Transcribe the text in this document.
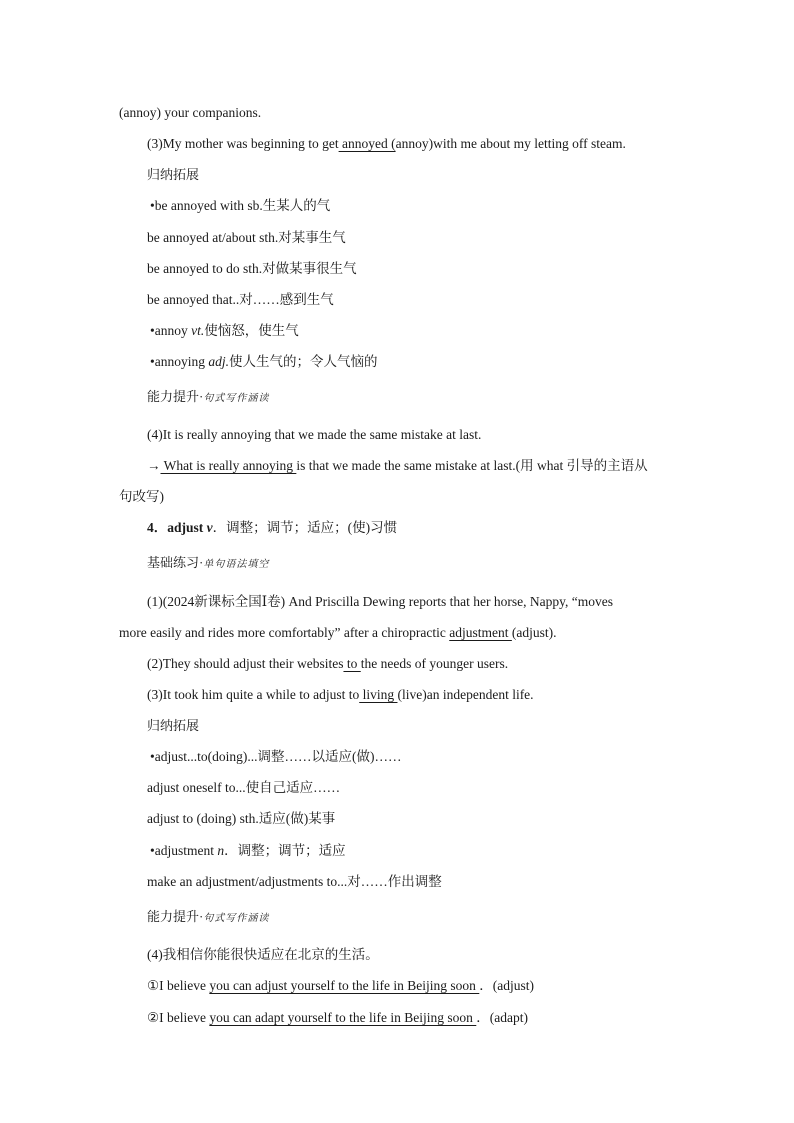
(annoy) your companions.
(3)My mother was beginning to get annoyed (annoy)with me about my letting off steam.
归纳拓展
•be annoyed with sb.生某人的气
be annoyed at/about sth.对某事生气
be annoyed to do sth.对做某事很生气
be annoyed that..对……感到生气
•annoy vt.使恼怒，使生气
•annoying adj.使人生气的；令人气恼的
能力提升·句式写作涵读
(4)It is really annoying that we made the same mistake at last.
→ What is really annoying is that we made the same mistake at last.(用 what 引导的主语从
句改写)
4．adjust v．调整；调节；适应；(使)习惯
基础练习·单句语法填空
(1)(2024新课标全国Ⅰ卷) And Priscilla Dewing reports that her horse, Nappy, “moves
more easily and rides more comfortably” after a chiropractic adjustment (adjust).
(2)They should adjust their websites to the needs of younger users.
(3)It took him quite a while to adjust to living (live)an independent life.
归纳拓展
•adjust...to(doing)...调整……以适应(做)……
adjust oneself to...使自己适应……
adjust to (doing) sth.适应(做)某事
•adjustment n．调整；调节；适应
make an adjustment/adjustments to...对……作出调整
能力提升·句式写作涵读
(4)我相信你能很快适应在北京的生活。
①I believe you can adjust yourself to the life in Beijing soon ．(adjust)
②I believe you can adapt yourself to the life in Beijing soon ．(adapt)
